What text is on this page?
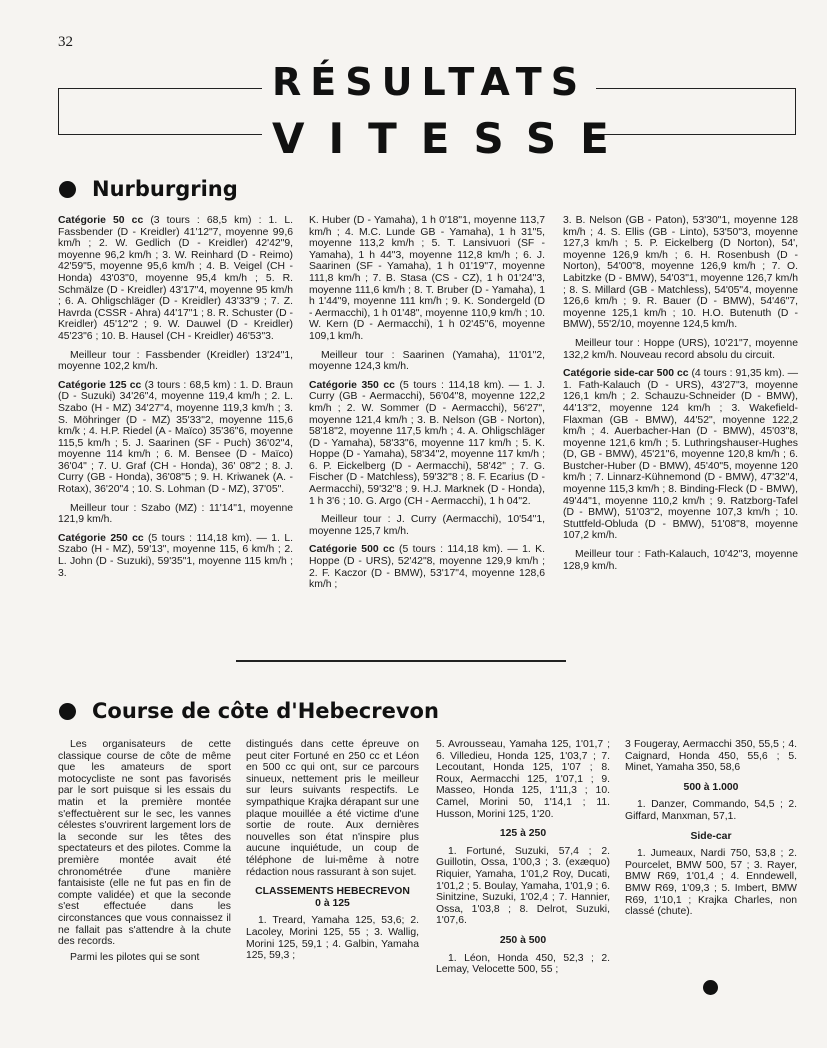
32
RÉSULTATS
VITESSE
Nurburgring

Catégorie 50 cc (3 tours : 68,5 km) : 1. L. Fassbender (D - Kreidler) 41'12"7, moyenne 99,6 km/h ; 2. W. Gedlich (D - Kreidler) 42'42"9, moyenne 96,2 km/h ; 3. W. Reinhard (D - Reimo) 42'59"5, moyenne 95,6 km/h ; 4. B. Veigel (CH - Honda) 43'03"0, moyenne 95,4 km/h ; 5. R. Schmälze (D - Kreidler) 43'17"4, moyenne 95 km/h ; 6. A. Ohligschläger (D - Kreidler) 43'33"9 ; 7. Z. Havrda (CSSR - Ahra) 44'17"1 ; 8. R. Schuster (D - Kreidler) 45'12"2 ; 9. W. Dauwel (D - Kreidler) 45'23"6 ; 10. B. Hausel (CH - Kreidler) 46'53"3.

Meilleur tour : Fassbender (Kreidler) 13'24"1, moyenne 102,2 km/h.

Catégorie 125 cc (3 tours : 68,5 km) : 1. D. Braun (D - Suzuki) 34'26"4, moyenne 119,4 km/h ; 2. L. Szabo (H - MZ) 34'27"4, moyenne 119,3 km/h ; 3. S. Möhringer (D - MZ) 35'33"2, moyenne 115,6 km/k ; 4. H.P. Riedel (A - Maïco) 35'36"6, moyenne 115,5 km/h ; 5. J. Saarinen (SF - Puch) 36'02"4, moyenne 114 km/h ; 6. M. Bensee (D - Maïco) 36'04" ; 7. U. Graf (CH - Honda), 36' 08"2 ; 8. J. Curry (GB - Honda), 36'08"5 ; 9. H. Kriwanek (A. - Rotax), 36'20"4 ; 10. S. Lohman (D - MZ), 37'05".

Meilleur tour : Szabo (MZ) : 11'14"1, moyenne 121,9 km/h.

Catégorie 250 cc (5 tours : 114,18 km). — 1. L. Szabo (H - MZ), 59'13", moyenne 115, 6 km/h ; 2. L. John (D - Suzuki), 59'35"1, moyenne 115 km/h ; 3.

K. Huber (D - Yamaha), 1 h 0'18"1, moyenne 113,7 km/h ; 4. M.C. Lunde GB - Yamaha), 1 h 31"5, moyenne 113,2 km/h ; 5. T. Lansivuori (SF - Yamaha), 1 h 44"3, moyenne 112,8 km/h ; 6. J. Saarinen (SF - Yamaha), 1 h 01'19"7, moyenne 111,8 km/h ; 7. B. Stasa (CS - CZ), 1 h 01'24"3, moyenne 111,6 km/h ; 8. T. Bruber (D - Yamaha), 1 h 1'44"9, moyenne 111 km/h ; 9. K. Sondergeld (D - Aermacchi), 1 h 01'48", moyenne 110,9 km/h ; 10. W. Kern (D - Aermacchi), 1 h 02'45"6, moyenne 109,1 km/h.

Meilleur tour : Saarinen (Yamaha), 11'01"2, moyenne 124,3 km/h.

Catégorie 350 cc (5 tours : 114,18 km). — 1. J. Curry (GB - Aermacchi), 56'04"8, moyenne 122,2 km/h ; 2. W. Sommer (D - Aermacchi), 56'27", moyenne 121,4 km/h ; 3. B. Nelson (GB - Norton), 58'18"2, moyenne 117,5 km/h ; 4. A. Ohligschläger (D - Yamaha), 58'33"6, moyenne 117 km/h ; 5. K. Hoppe (D - Yamaha), 58'34"2, moyenne 117 km/h ; 6. P. Eickelberg (D - Aermacchi), 58'42" ; 7. G. Fischer (D - Matchless), 59'32"8 ; 8. F. Ecarius (D - Aermacchi), 59'32"8 ; 9. H.J. Marknek (D - Honda), 1 h 3'6 ; 10. G. Argo (CH - Aermacchi), 1 h 04"2.

Meilleur tour : J. Curry (Aermacchi), 10'54"1, moyenne 125,7 km/h.

Catégorie 500 cc (5 tours : 114,18 km). — 1. K. Hoppe (D - URS), 52'42"8, moyenne 129,9 km/h ; 2. F. Kaczor (D - BMW), 53'17"4, moyenne 128,6 km/h ;

3. B. Nelson (GB - Paton), 53'30"1, moyenne 128 km/h ; 4. S. Ellis (GB - Linto), 53'50"3, moyenne 127,3 km/h ; 5. P. Eickelberg (D Norton), 54', moyenne 126,9 km/h ; 6. H. Rosenbush (D - Norton), 54'00"8, moyenne 126,9 km/h ; 7. O. Labitzke (D - BMW), 54'03"1, moyenne 126,7 km/h ; 8. S. Millard (GB - Matchless), 54'05"4, moyenne 126,6 km/h ; 9. R. Bauer (D - BMW), 54'46"7, moyenne 125,1 km/h ; 10. H.O. Butenuth (D - BMW), 55'2/10, moyenne 124,5 km/h.

Meilleur tour : Hoppe (URS), 10'21"7, moyenne 132,2 km/h. Nouveau record absolu du circuit.

Catégorie side-car 500 cc (4 tours : 91,35 km). — 1. Fath-Kalauch (D - URS), 43'27"3, moyenne 126,1 km/h ; 2. Schauzu-Schneider (D - BMW), 44'13"2, moyenne 124 km/h ; 3. Wakefield-Flaxman (GB - BMW), 44'52", moyenne 122,2 km/h ; 4. Auerbacher-Han (D - BMW), 45'03"8, moyenne 121,6 km/h ; 5. Luthringshauser-Hughes (D, GB - BMW), 45'21"6, moyenne 120,8 km/h ; 6. Bustcher-Huber (D - BMW), 45'40"5, moyenne 120 km/h ; 7. Linnarz-Kühnemond (D - BMW), 47'32"4, moyenne 115,3 km/h ; 8. Binding-Fleck (D - BMW), 49'44"1, moyenne 110,2 km/h ; 9. Ratzborg-Tafel (D - BMW), 51'03"2, moyenne 107,3 km/h ; 10. Stuttfeld-Obluda (D - BMW), 51'08"8, moyenne 107,2 km/h.

Meilleur tour : Fath-Kalauch, 10'42"3, moyenne 128,9 km/h.

Course de côte d'Hebecrevon

Les organisateurs de cette classique course de côte de même que les amateurs de sport motocycliste ne sont pas favorisés par le sort puisque si les essais du matin et la première montée s'effectuèrent sur le sec, les vannes célestes s'ouvrirent largement lors de la seconde sur les têtes des spectateurs et des pilotes. Comme la première montée avait été chronométrée d'une manière fantaisiste (elle ne fut pas en fin de compte validée) et que la seconde s'est effectuée dans les circonstances que vous connaissez il ne fallait pas s'attendre à la chute des records.

Parmi les pilotes qui se sont

distingués dans cette épreuve on peut citer Fortuné en 250 cc et Léon en 500 cc qui ont, sur ce parcours sinueux, nettement pris le meilleur sur leurs suivants respectifs. Le sympathique Krajka dérapant sur une plaque mouillée a été victime d'une sortie de route. Aux dernières nouvelles son état n'inspire plus aucune inquiétude, un coup de téléphone de lui-même à notre rédaction nous rassurant à son sujet.

CLASSEMENTS HEBECREVON
0 à 125

1. Treard, Yamaha 125, 53,6; 2. Lacoley, Morini 125, 55 ; 3. Wallig, Morini 125, 59,1 ; 4. Galbin, Yamaha 125, 59,3 ;

5. Avrousseau, Yamaha 125, 1'01,7 ; 6. Villedieu, Honda 125, 1'03,7 ; 7. Lecoutant, Honda 125, 1'07 ; 8. Roux, Aermacchi 125, 1'07,1 ; 9. Masseo, Honda 125, 1'11,3 ; 10. Camel, Morini 50, 1'14,1 ; 11. Husson, Morini 125, 1'20.

125 à 250

1. Fortuné, Suzuki, 57,4 ; 2. Guillotin, Ossa, 1'00,3 ; 3. (exæquo) Riquier, Yamaha, 1'01,2 Roy, Ducati, 1'01,2 ; 5. Boulay, Yamaha, 1'01,9 ; 6. Sinitzine, Suzuki, 1'02,4 ; 7. Hannier, Ossa, 1'03,8 ; 8. Delrot, Suzuki, 1'07,6.

250 à 500

1. Léon, Honda 450, 52,3 ; 2. Lemay, Velocette 500, 55 ;

3 Fougeray, Aermacchi 350, 55,5 ; 4. Caignard, Honda 450, 55,6 ; 5. Minet, Yamaha 350, 58,6

500 à 1.000

1. Danzer, Commando, 54,5 ; 2. Giffard, Manxman, 57,1.

Side-car

1. Jumeaux, Nardi 750, 53,8 ; 2. Pourcelet, BMW 500, 57 ; 3. Rayer, BMW R69, 1'01,4 ; 4. Enndewell, BMW R69, 1'09,3 ; 5. Imbert, BMW R69, 1'10,1 ; Krajka Charles, non classé (chute).
